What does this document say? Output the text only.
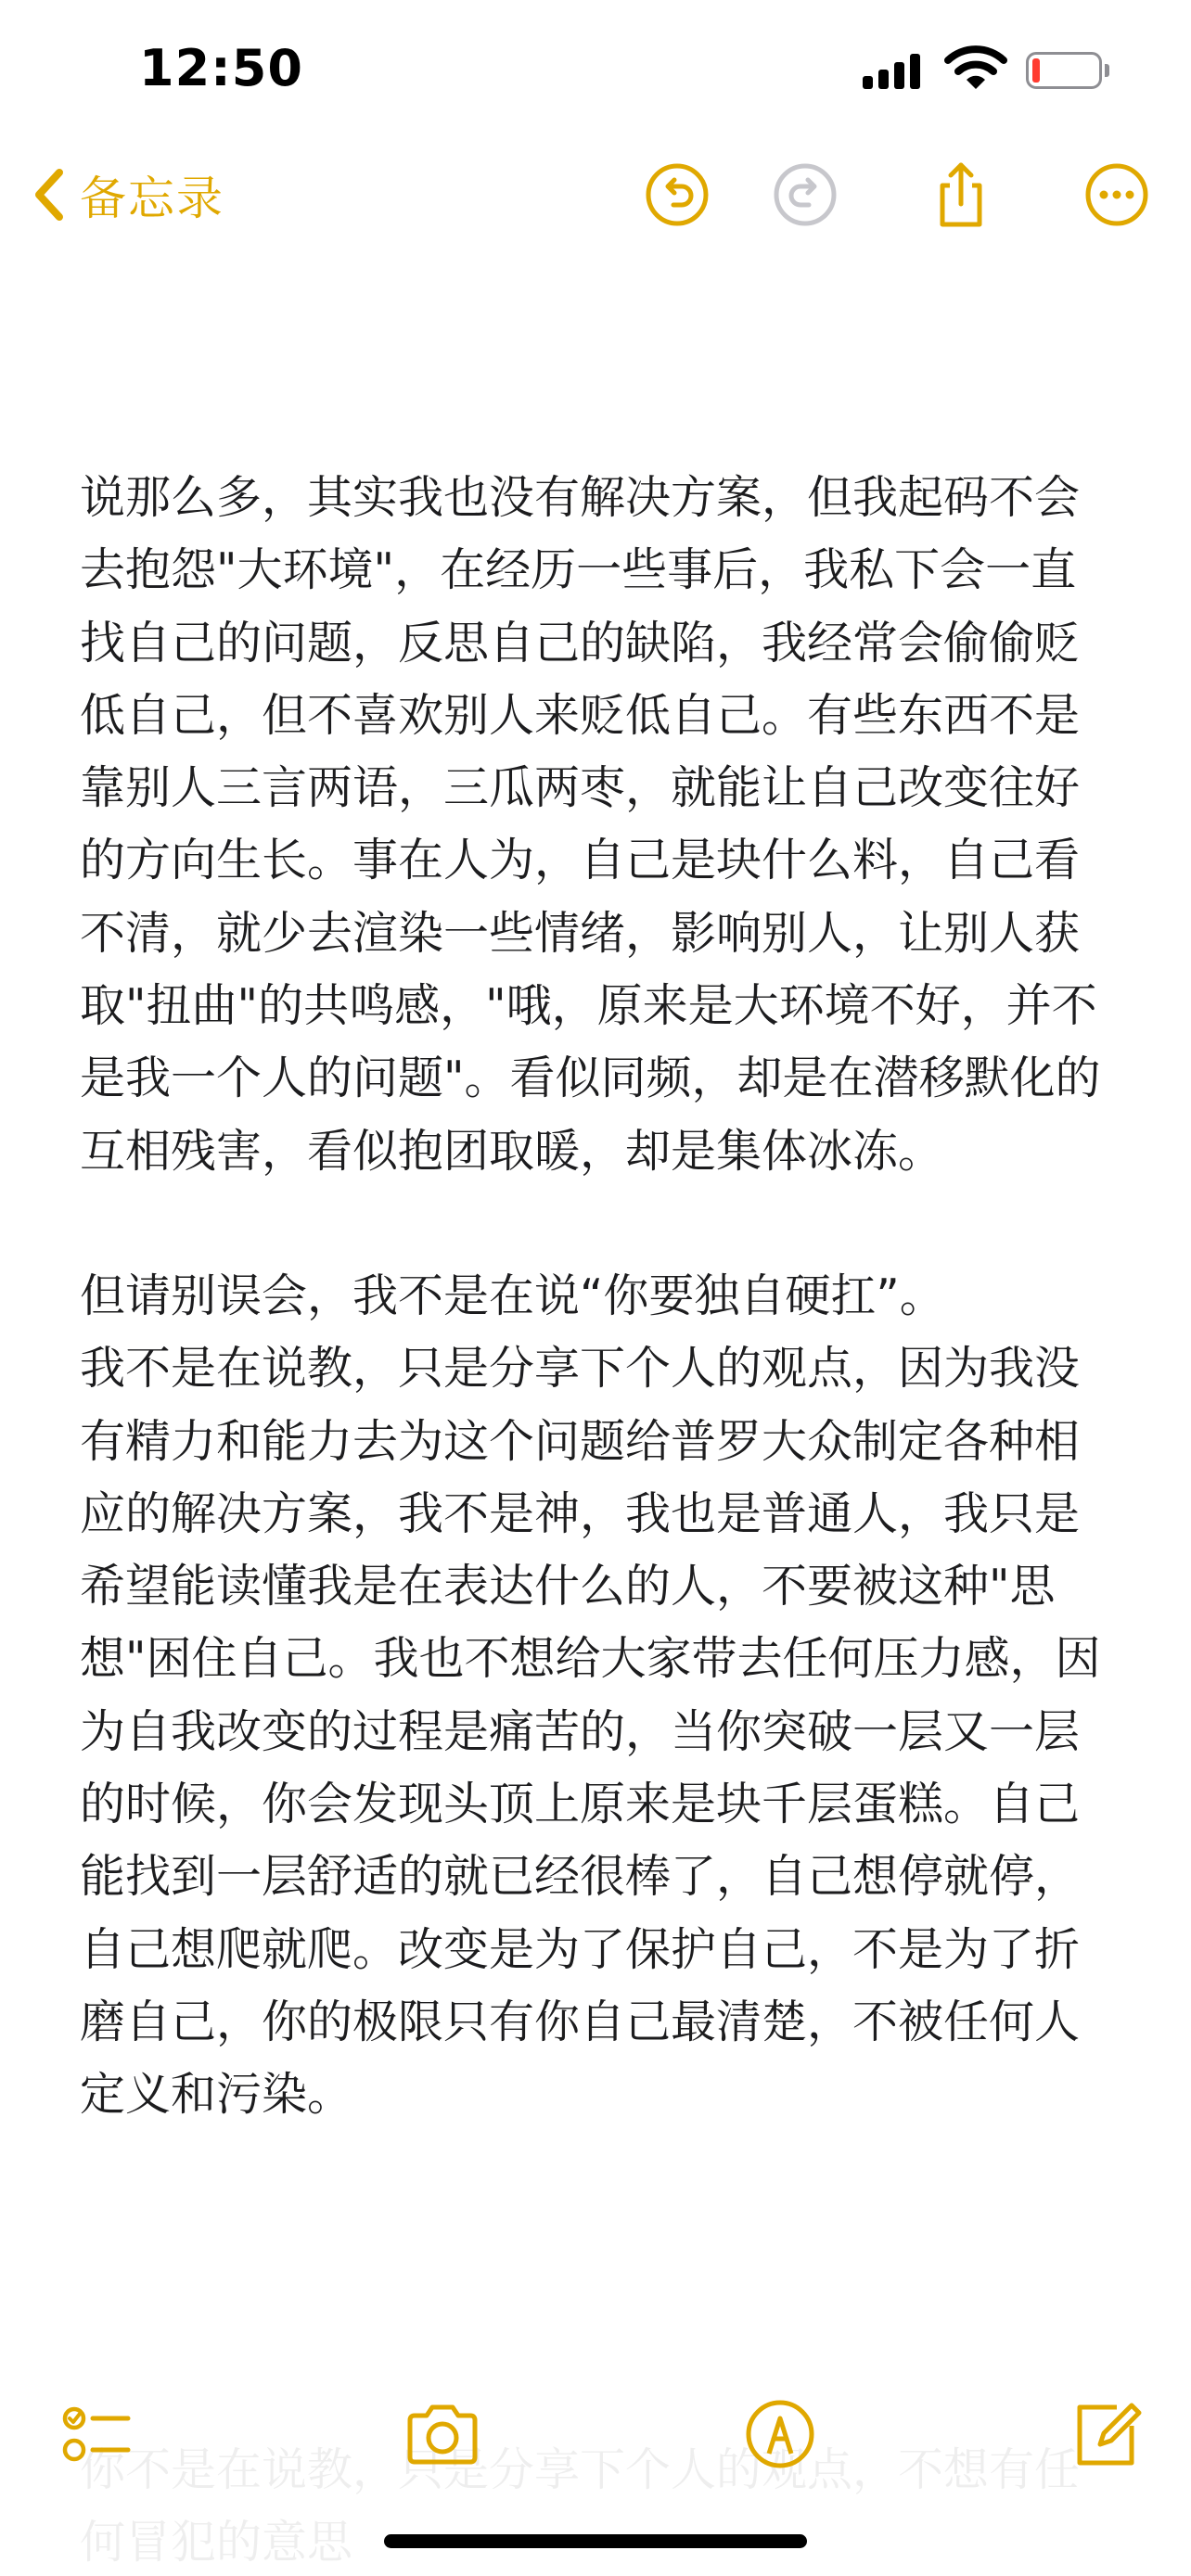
12:50
备忘录
说那么多，其实我也没有解决方案，但我起码不会去抱怨"大环境"，在经历一些事后，我私下会一直找自己的问题，反思自己的缺陷，我经常会偷偷贬低自己，但不喜欢别人来贬低自己。有些东西不是靠别人三言两语，三瓜两枣，就能让自己改变往好的方向生长。事在人为，自己是块什么料，自己看不清，就少去渲染一些情绪，影响别人，让别人获取"扭曲"的共鸣感，"哦，原来是大环境不好，并不是我一个人的问题"。看似同频，却是在潜移默化的互相残害，看似抱团取暖，却是集体冰冻。
但请别误会，我不是在说“你要独自硬扛”。
我不是在说教，只是分享下个人的观点，因为我没有精力和能力去为这个问题给普罗大众制定各种相应的解决方案，我不是神，我也是普通人，我只是希望能读懂我是在表达什么的人，不要被这种"思想"困住自己。我也不想给大家带去任何压力感，因为自我改变的过程是痛苦的，当你突破一层又一层的时候，你会发现头顶上原来是块千层蛋糕。自己能找到一层舒适的就已经很棒了，自己想停就停，自己想爬就爬。改变是为了保护自己，不是为了折磨自己，你的极限只有你自己最清楚，不被任何人定义和污染。
你不是在说教，只是分享下个人的观点，不想有任何冒犯的意思
